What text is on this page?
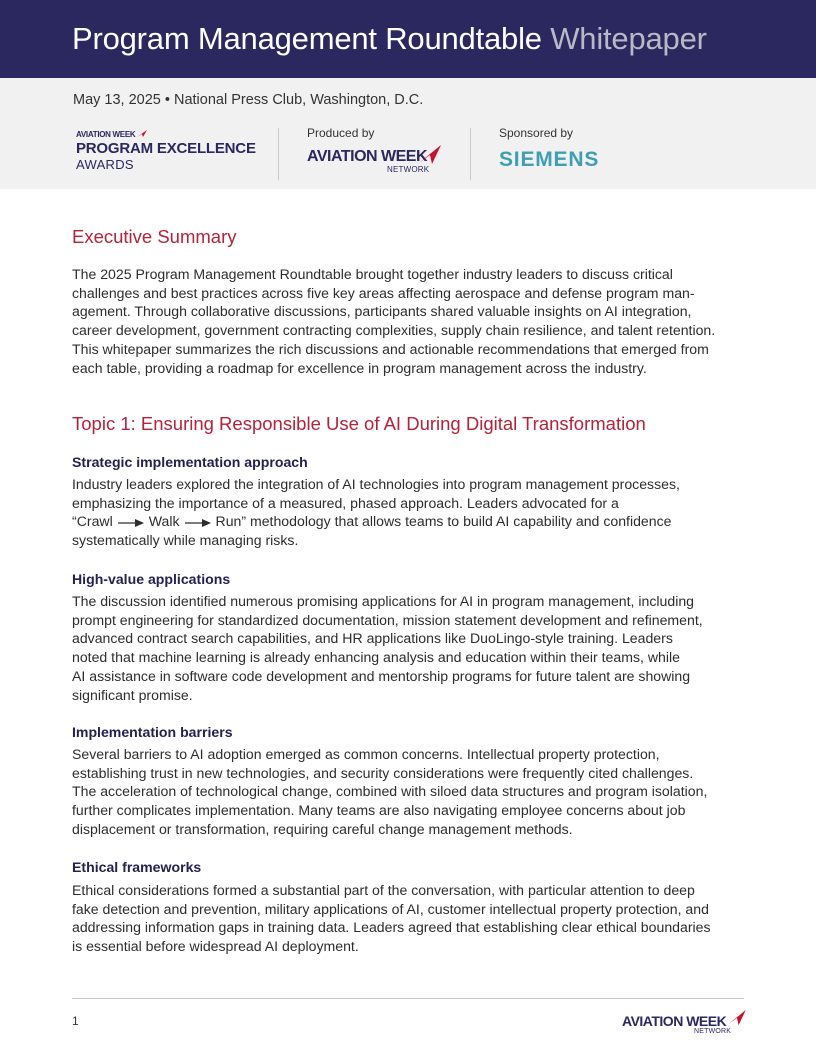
Program Management Roundtable Whitepaper
May 13, 2025 • National Press Club, Washington, D.C.
AVIATION WEEK
PROGRAM EXCELLENCE
AWARDS
Produced by
AVIATION WEEK
NETWORK
Sponsored by
SIEMENS
Executive Summary
The 2025 Program Management Roundtable brought together industry leaders to discuss critical
challenges and best practices across five key areas affecting aerospace and defense program man-
agement. Through collaborative discussions, participants shared valuable insights on AI integration,
career development, government contracting complexities, supply chain resilience, and talent retention.
This whitepaper summarizes the rich discussions and actionable recommendations that emerged from
each table, providing a roadmap for excellence in program management across the industry.
Topic 1: Ensuring Responsible Use of AI During Digital Transformation
Strategic implementation approach
Industry leaders explored the integration of AI technologies into program management processes,
emphasizing the importance of a measured, phased approach. Leaders advocated for a
“Crawl	Walk	Run” methodology that allows teams to build AI capability and confidence
systematically while managing risks.
High-value applications
The discussion identified numerous promising applications for AI in program management, including
prompt engineering for standardized documentation, mission statement development and refinement,
advanced contract search capabilities, and HR applications like DuoLingo-style training. Leaders
noted that machine learning is already enhancing analysis and education within their teams, while
AI assistance in software code development and mentorship programs for future talent are showing
significant promise.
Implementation barriers
Several barriers to AI adoption emerged as common concerns. Intellectual property protection,
establishing trust in new technologies, and security considerations were frequently cited challenges.
The acceleration of technological change, combined with siloed data structures and program isolation,
further complicates implementation. Many teams are also navigating employee concerns about job
displacement or transformation, requiring careful change management methods.
Ethical frameworks
Ethical considerations formed a substantial part of the conversation, with particular attention to deep
fake detection and prevention, military applications of AI, customer intellectual property protection, and
addressing information gaps in training data. Leaders agreed that establishing clear ethical boundaries
is essential before widespread AI deployment.
1	AVIATION WEEK
NETWORK
